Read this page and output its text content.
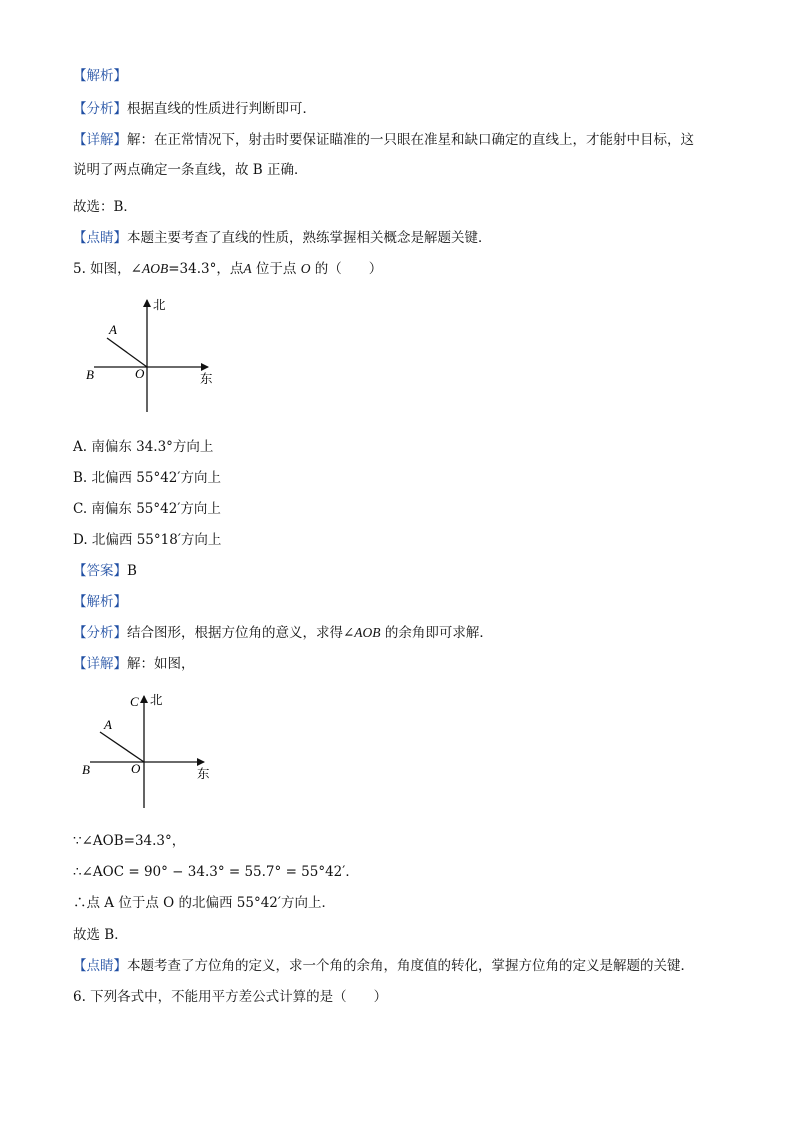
【解析】
【分析】根据直线的性质进行判断即可．
【详解】解：在正常情况下，射击时要保证瞄准的一只眼在准星和缺口确定的直线上，才能射中目标，这
说明了两点确定一条直线，故 B 正确．
故选：B．
【点睛】本题主要考查了直线的性质，熟练掌握相关概念是解题关键．
5. 如图，∠AOB=34.3°，点A 位于点 O 的（　　）
北
东
A
B	O
A. 南偏东 34.3°方向上
B. 北偏西 55°42′方向上
C. 南偏东 55°42′方向上
D. 北偏西 55°18′方向上
【答案】B
【解析】
【分析】结合图形，根据方位角的意义，求得∠AOB 的余角即可求解．
【详解】解：如图，
C 北
东
A
B	O
∵∠AOB=34.3°，
∴∠AOC = 90° − 34.3° = 55.7° = 55°42′．
∴点 A 位于点 O 的北偏西 55°42′方向上．
故选 B．
【点睛】本题考查了方位角的定义，求一个角的余角，角度值的转化，掌握方位角的定义是解题的关键．
6. 下列各式中，不能用平方差公式计算的是（　　）
